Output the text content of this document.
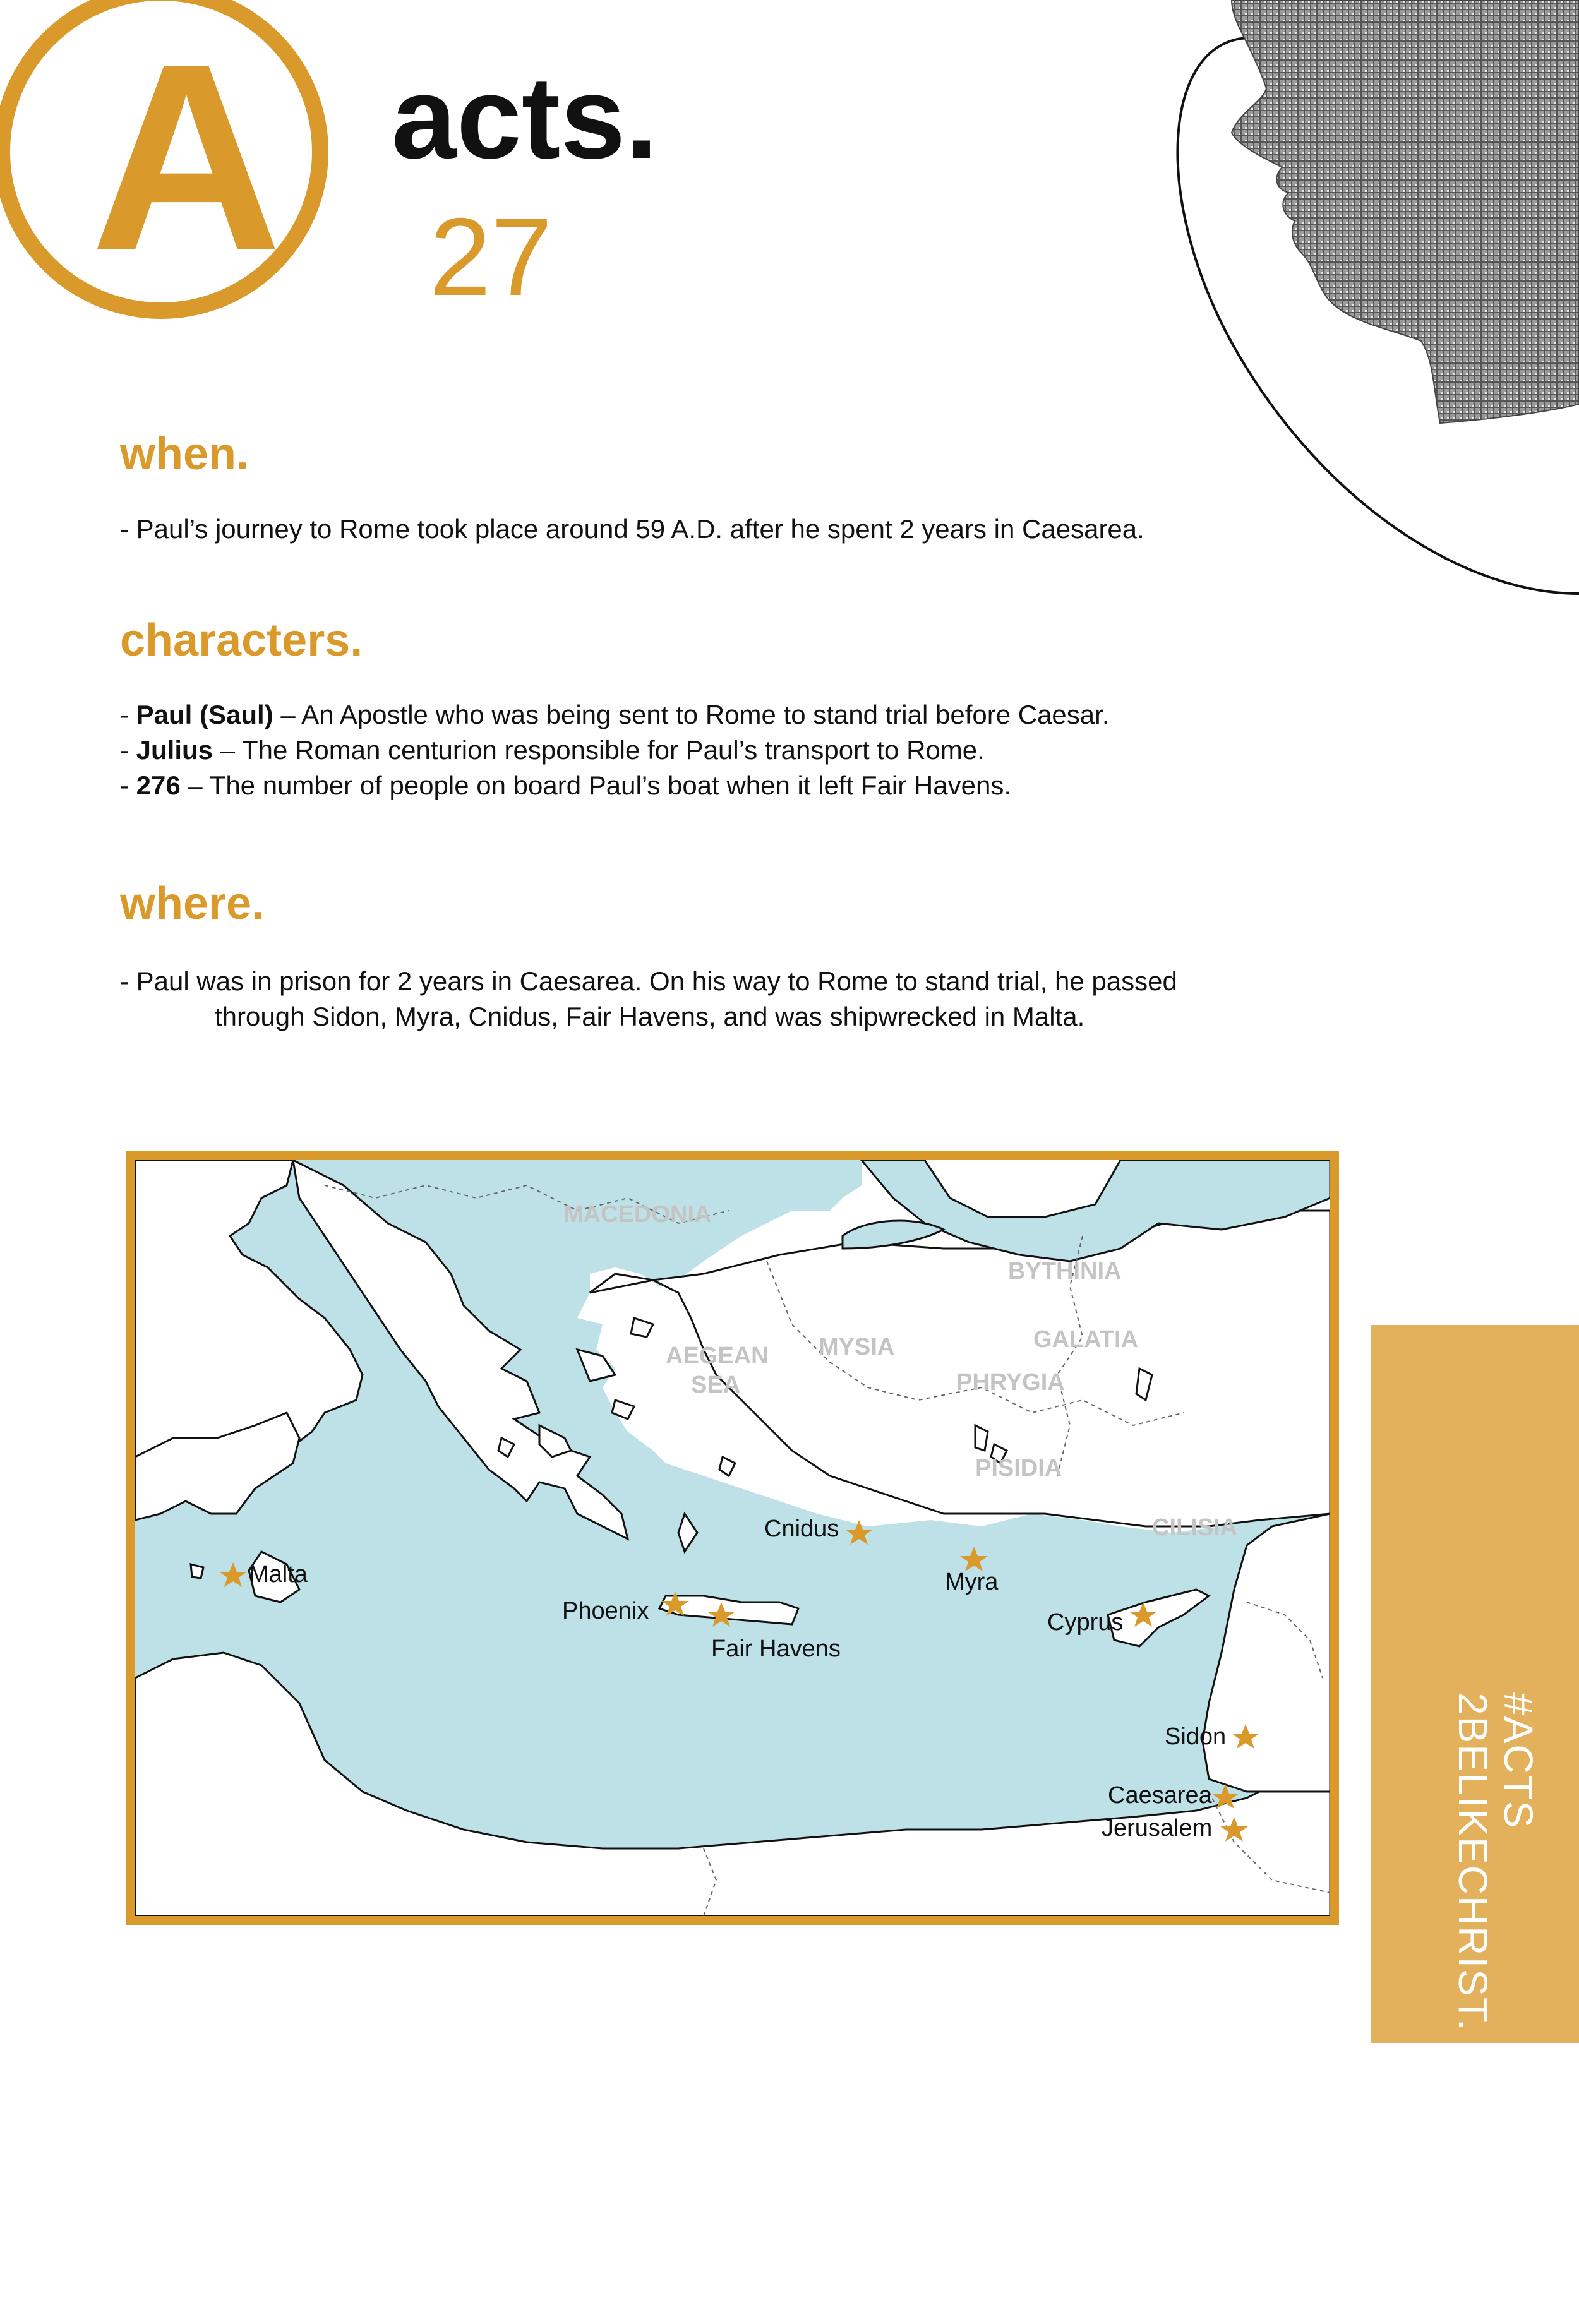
A acts.
27
when.
- Paul’s journey to Rome took place around 59 A.D. after he spent 2 years in Caesarea.
characters.
- Paul (Saul) – An Apostle who was being sent to Rome to stand trial before Caesar.
- Julius – The Roman centurion responsible for Paul’s transport to Rome.
- 276 – The number of people on board Paul’s boat when it left Fair Havens.
where.
- Paul was in prison for 2 years in Caesarea. On his way to Rome to stand trial, he passed
through Sidon, Myra, Cnidus, Fair Havens, and was shipwrecked in Malta.
MACEDONIA
BYTHINIA
AEGEAN
SEA
MYSIA	GALATIA
PHRYGIA
PISIDIA
CILISIA
Malta
Cnidus
Myra
Phoenix
Fair Havens
Cyprus
Sidon
Caesarea
Jerusalem	#ACTS
2BELIKECHRIST.
